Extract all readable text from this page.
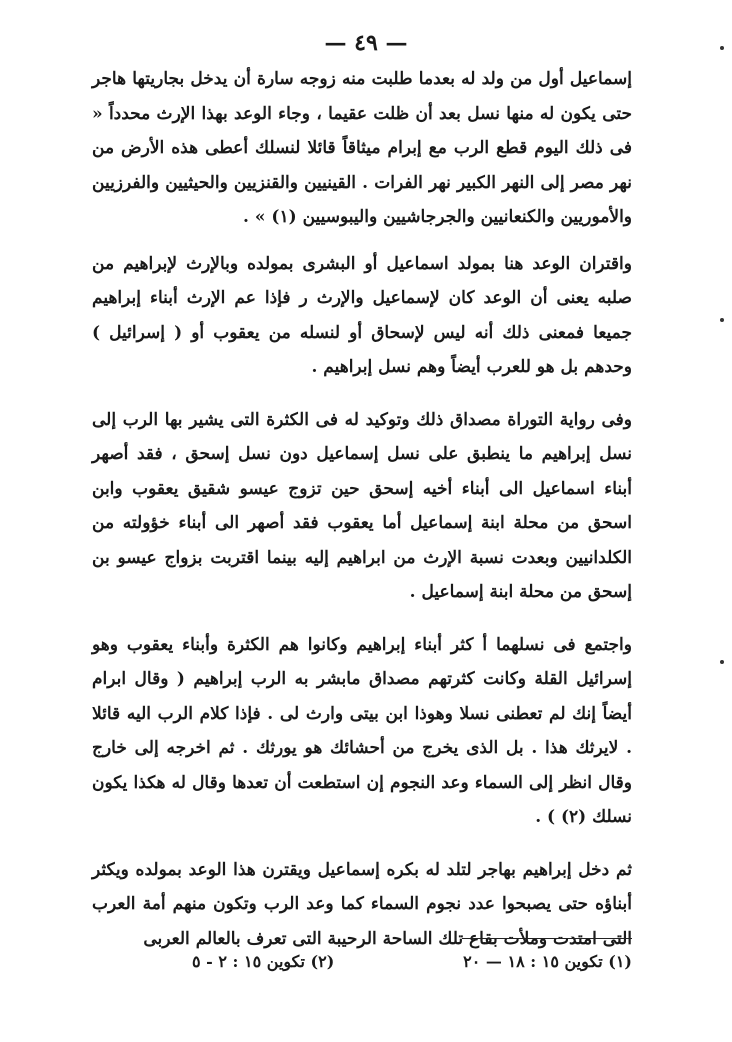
— ٤٩ —

إسماعيل أول من ولد له بعدما طلبت منه زوجه سارة أن يدخل بجاريتها هاجر حتى يكون له منها نسل بعد أن ظلت عقيما ، وجاء الوعد بهذا الإرث محدداً « فى ذلك اليوم قطع الرب مع إبرام ميثاقاً قائلا لنسلك أعطى هذه الأرض من نهر مصر إلى النهر الكبير نهر الفرات . القينيين والقنزيين والحيثيين والفرزيين والأموريين والكنعانيين والجرجاشيين واليبوسيين (١) » .

واقتران الوعد هنا بمولد اسماعيل أو البشرى بمولده وبالإرث لإبراهيم من صلبه يعنى أن الوعد كان لإسماعيل والإرث ر فإذا عم الإرث أبناء إبراهيم جميعا فمعنى ذلك أنه ليس لإسحاق أو لنسله من يعقوب أو ( إسرائيل ) وحدهم بل هو للعرب أيضاً وهم نسل إبراهيم .

وفى رواية التوراة مصداق ذلك وتوكيد له فى الكثرة التى يشير بها الرب إلى نسل إبراهيم ما ينطبق على نسل إسماعيل دون نسل إسحق ، فقد أصهر أبناء اسماعيل الى أبناء أخيه إسحق حين تزوج عيسو شقيق يعقوب وابن اسحق من محلة ابنة إسماعيل أما يعقوب فقد أصهر الى أبناء خؤولته من الكلدانيين وبعدت نسبة الإرث من ابراهيم إليه بينما اقتربت بزواج عيسو بن إسحق من محلة ابنة إسماعيل .

واجتمع فى نسلهما أ كثر أبناء إبراهيم وكانوا هم الكثرة وأبناء يعقوب وهو إسرائيل القلة وكانت كثرتهم مصداق مابشر به الرب إبراهيم ( وقال ابرام أيضاً إنك لم تعطنى نسلا وهوذا ابن بيتى وارث لى . فإذا كلام الرب اليه قائلا . لايرثك هذا . بل الذى يخرج من أحشائك هو يورثك . ثم اخرجه إلى خارج وقال انظر إلى السماء وعد النجوم إن استطعت أن تعدها وقال له هكذا يكون نسلك (٢) ) .

ثم دخل إبراهيم بهاجر لتلد له بكره إسماعيل ويقترن هذا الوعد بمولده ويكثر أبناؤه حتى يصبحوا عدد نجوم السماء كما وعد الرب وتكون منهم أمة العرب التى امتدت وملأت بقاع تلك الساحة الرحيبة التى تعرف بالعالم العربى

(١) تكوين ١٥ : ١٨ — ٢٠
(٢) تكوين ١٥ : ٢ - ٥
